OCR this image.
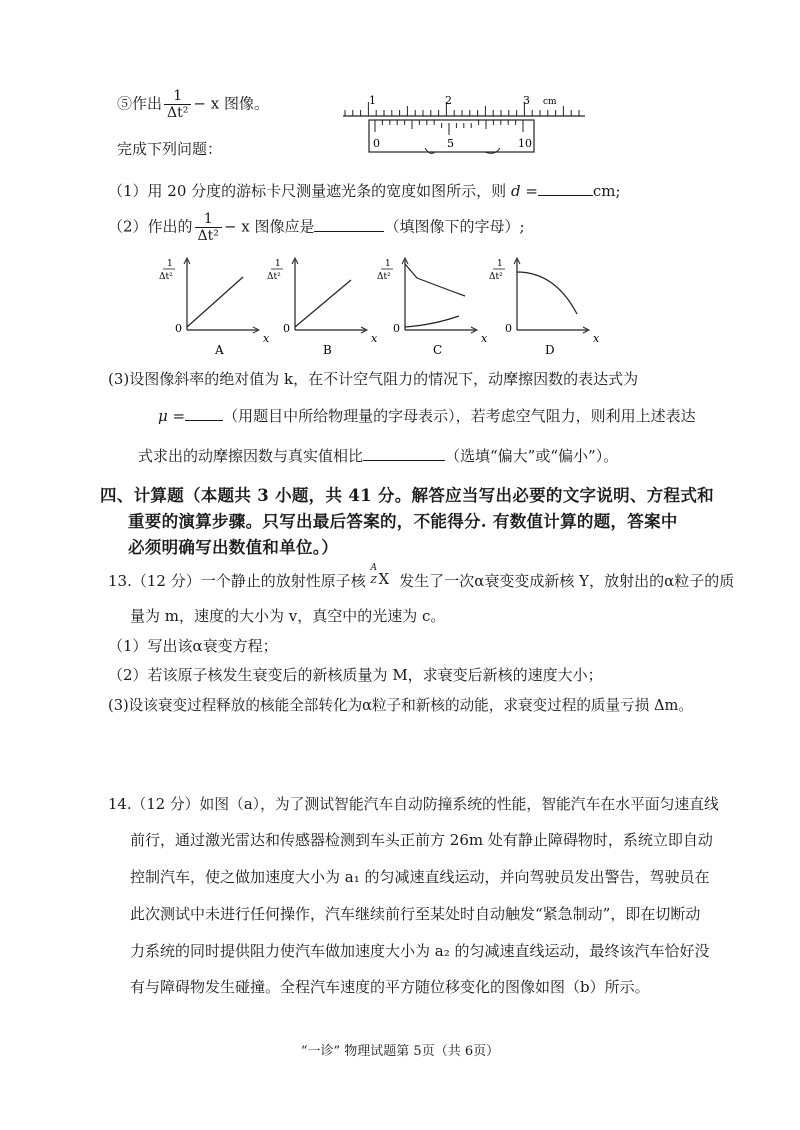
⑤作出 $\frac{1}{\text{Δt²}} - x$ 图像。	1	2	3 cm
0	5	10
完成下列问题：
（1）用 20 分度的游标卡尺测量遮光条的宽度如图所示，则 d =	cm;
（2）作出的 $\frac{1}{\text{Δt²}} - x$ 图像应是	（填图像下的字母）;
1
Δt²
0
x
A
1
Δt²
0
x
B
1
Δt²
0
x
C
1
Δt²
0
x
D
(3)设图像斜率的绝对值为 k，在不计空气阻力的情况下，动摩擦因数的表达式为
μ =	（用题目中所给物理量的字母表示），若考虑空气阻力，则利用上述表达
式求出的动摩擦因数与真实值相比	（选填“偏大”或“偏小”）。
四、计算题（本题共 3 小题，共 41 分。解答应当写出必要的文字说明、方程式和
重要的演算步骤。只写出最后答案的，不能得分. 有数值计算的题，答案中
必须明确写出数值和单位。）
13.（12 分）一个静止的放射性原子核
A
Z X 发生了一次α衰变变成新核 Y，放射出的α粒子的质
量为 m，速度的大小为 v，真空中的光速为 c。
（1）写出该α衰变方程；
（2）若该原子核发生衰变后的新核质量为 M，求衰变后新核的速度大小；
(3)设该衰变过程释放的核能全部转化为α粒子和新核的动能，求衰变过程的质量亏损 Δm。
14.（12 分）如图（a），为了测试智能汽车自动防撞系统的性能，智能汽车在水平面匀速直线
前行，通过激光雷达和传感器检测到车头正前方 26m 处有静止障碍物时，系统立即自动
控制汽车，使之做加速度大小为 a₁ 的匀减速直线运动，并向驾驶员发出警告，驾驶员在
此次测试中未进行任何操作，汽车继续前行至某处时自动触发“紧急制动”，即在切断动
力系统的同时提供阻力使汽车做加速度大小为 a₂ 的匀减速直线运动，最终该汽车恰好没
有与障碍物发生碰撞。全程汽车速度的平方随位移变化的图像如图（b）所示。
“一诊” 物理试题第 5页（共 6页）
